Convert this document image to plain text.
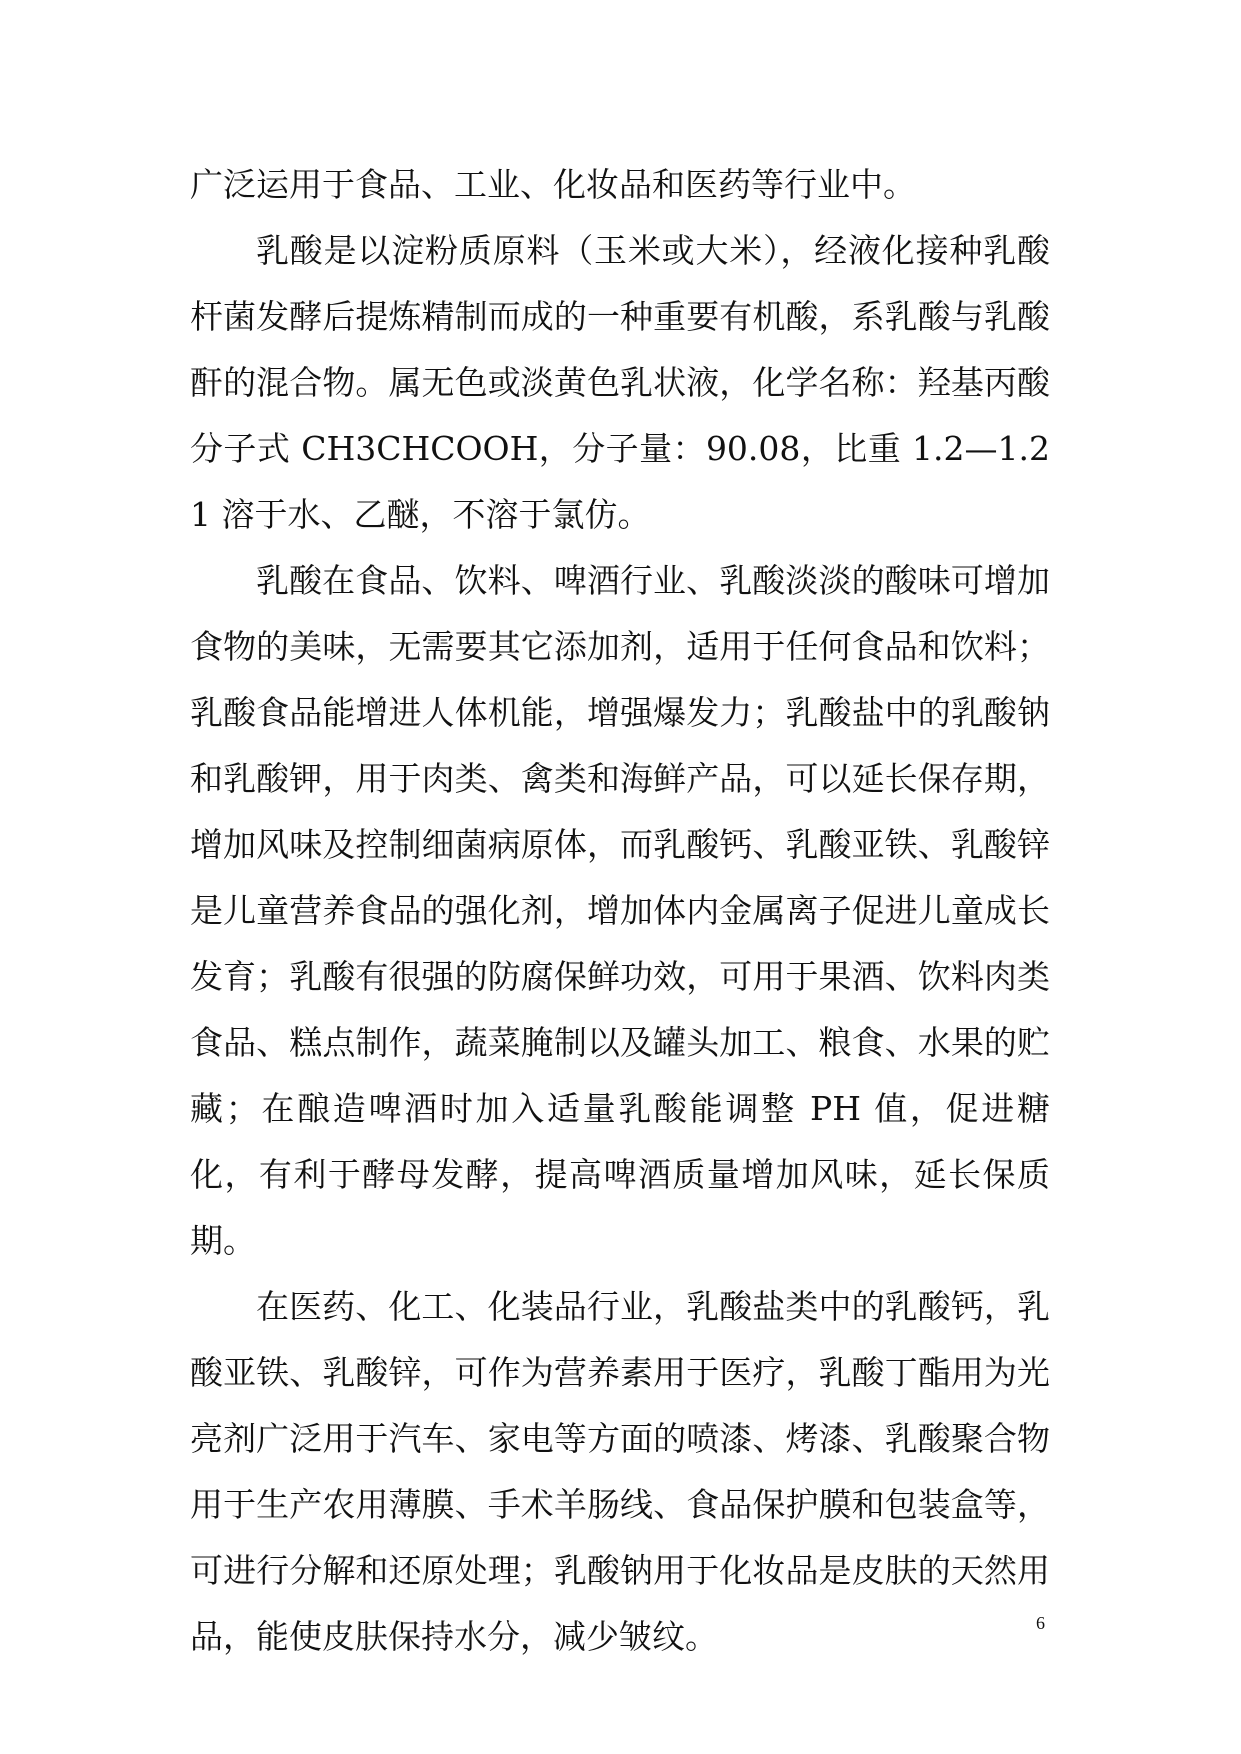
广泛运用于食品、工业、化妆品和医药等行业中。

乳酸是以淀粉质原料（玉米或大米），经液化接种乳酸杆菌发酵后提炼精制而成的一种重要有机酸，系乳酸与乳酸酐的混合物。属无色或淡黄色乳状液，化学名称：羟基丙酸分子式 CH3CHCOOH，分子量：90.08，比重 1.2—1.21 溶于水、乙醚，不溶于氯仿。

乳酸在食品、饮料、啤酒行业、乳酸淡淡的酸味可增加食物的美味，无需要其它添加剂，适用于任何食品和饮料；乳酸食品能增进人体机能，增强爆发力；乳酸盐中的乳酸钠和乳酸钾，用于肉类、禽类和海鲜产品，可以延长保存期，增加风味及控制细菌病原体，而乳酸钙、乳酸亚铁、乳酸锌是儿童营养食品的强化剂，增加体内金属离子促进儿童成长发育；乳酸有很强的防腐保鲜功效，可用于果酒、饮料肉类食品、糕点制作，蔬菜腌制以及罐头加工、粮食、水果的贮藏；在酿造啤酒时加入适量乳酸能调整 PH 值，促进糖化，有利于酵母发酵，提高啤酒质量增加风味，延长保质期。

在医药、化工、化装品行业，乳酸盐类中的乳酸钙，乳酸亚铁、乳酸锌，可作为营养素用于医疗，乳酸丁酯用为光亮剂广泛用于汽车、家电等方面的喷漆、烤漆、乳酸聚合物用于生产农用薄膜、手术羊肠线、食品保护膜和包装盒等，可进行分解和还原处理；乳酸钠用于化妆品是皮肤的天然用品，能使皮肤保持水分，减少皱纹。	6
